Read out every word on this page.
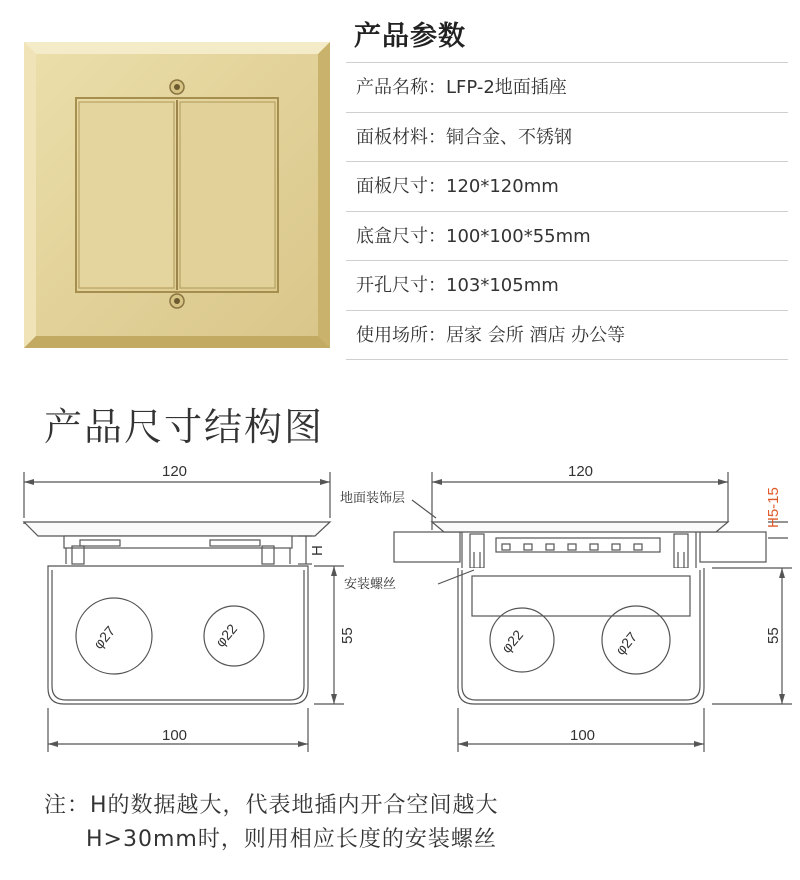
产品参数
产品名称：LFP-2地面插座
面板材料：铜合金、不锈钢
面板尺寸：120*120mm
底盒尺寸：100*100*55mm
开孔尺寸：103*105mm
使用场所：居家 会所 酒店 办公等
产品尺寸结构图
120
H
55
100
φ27	φ22
120
地面装饰层
安装螺丝
H5-15
55
100
φ22	φ27
注：H的数据越大，代表地插内开合空间越大
H>30mm时，则用相应长度的安装螺丝
